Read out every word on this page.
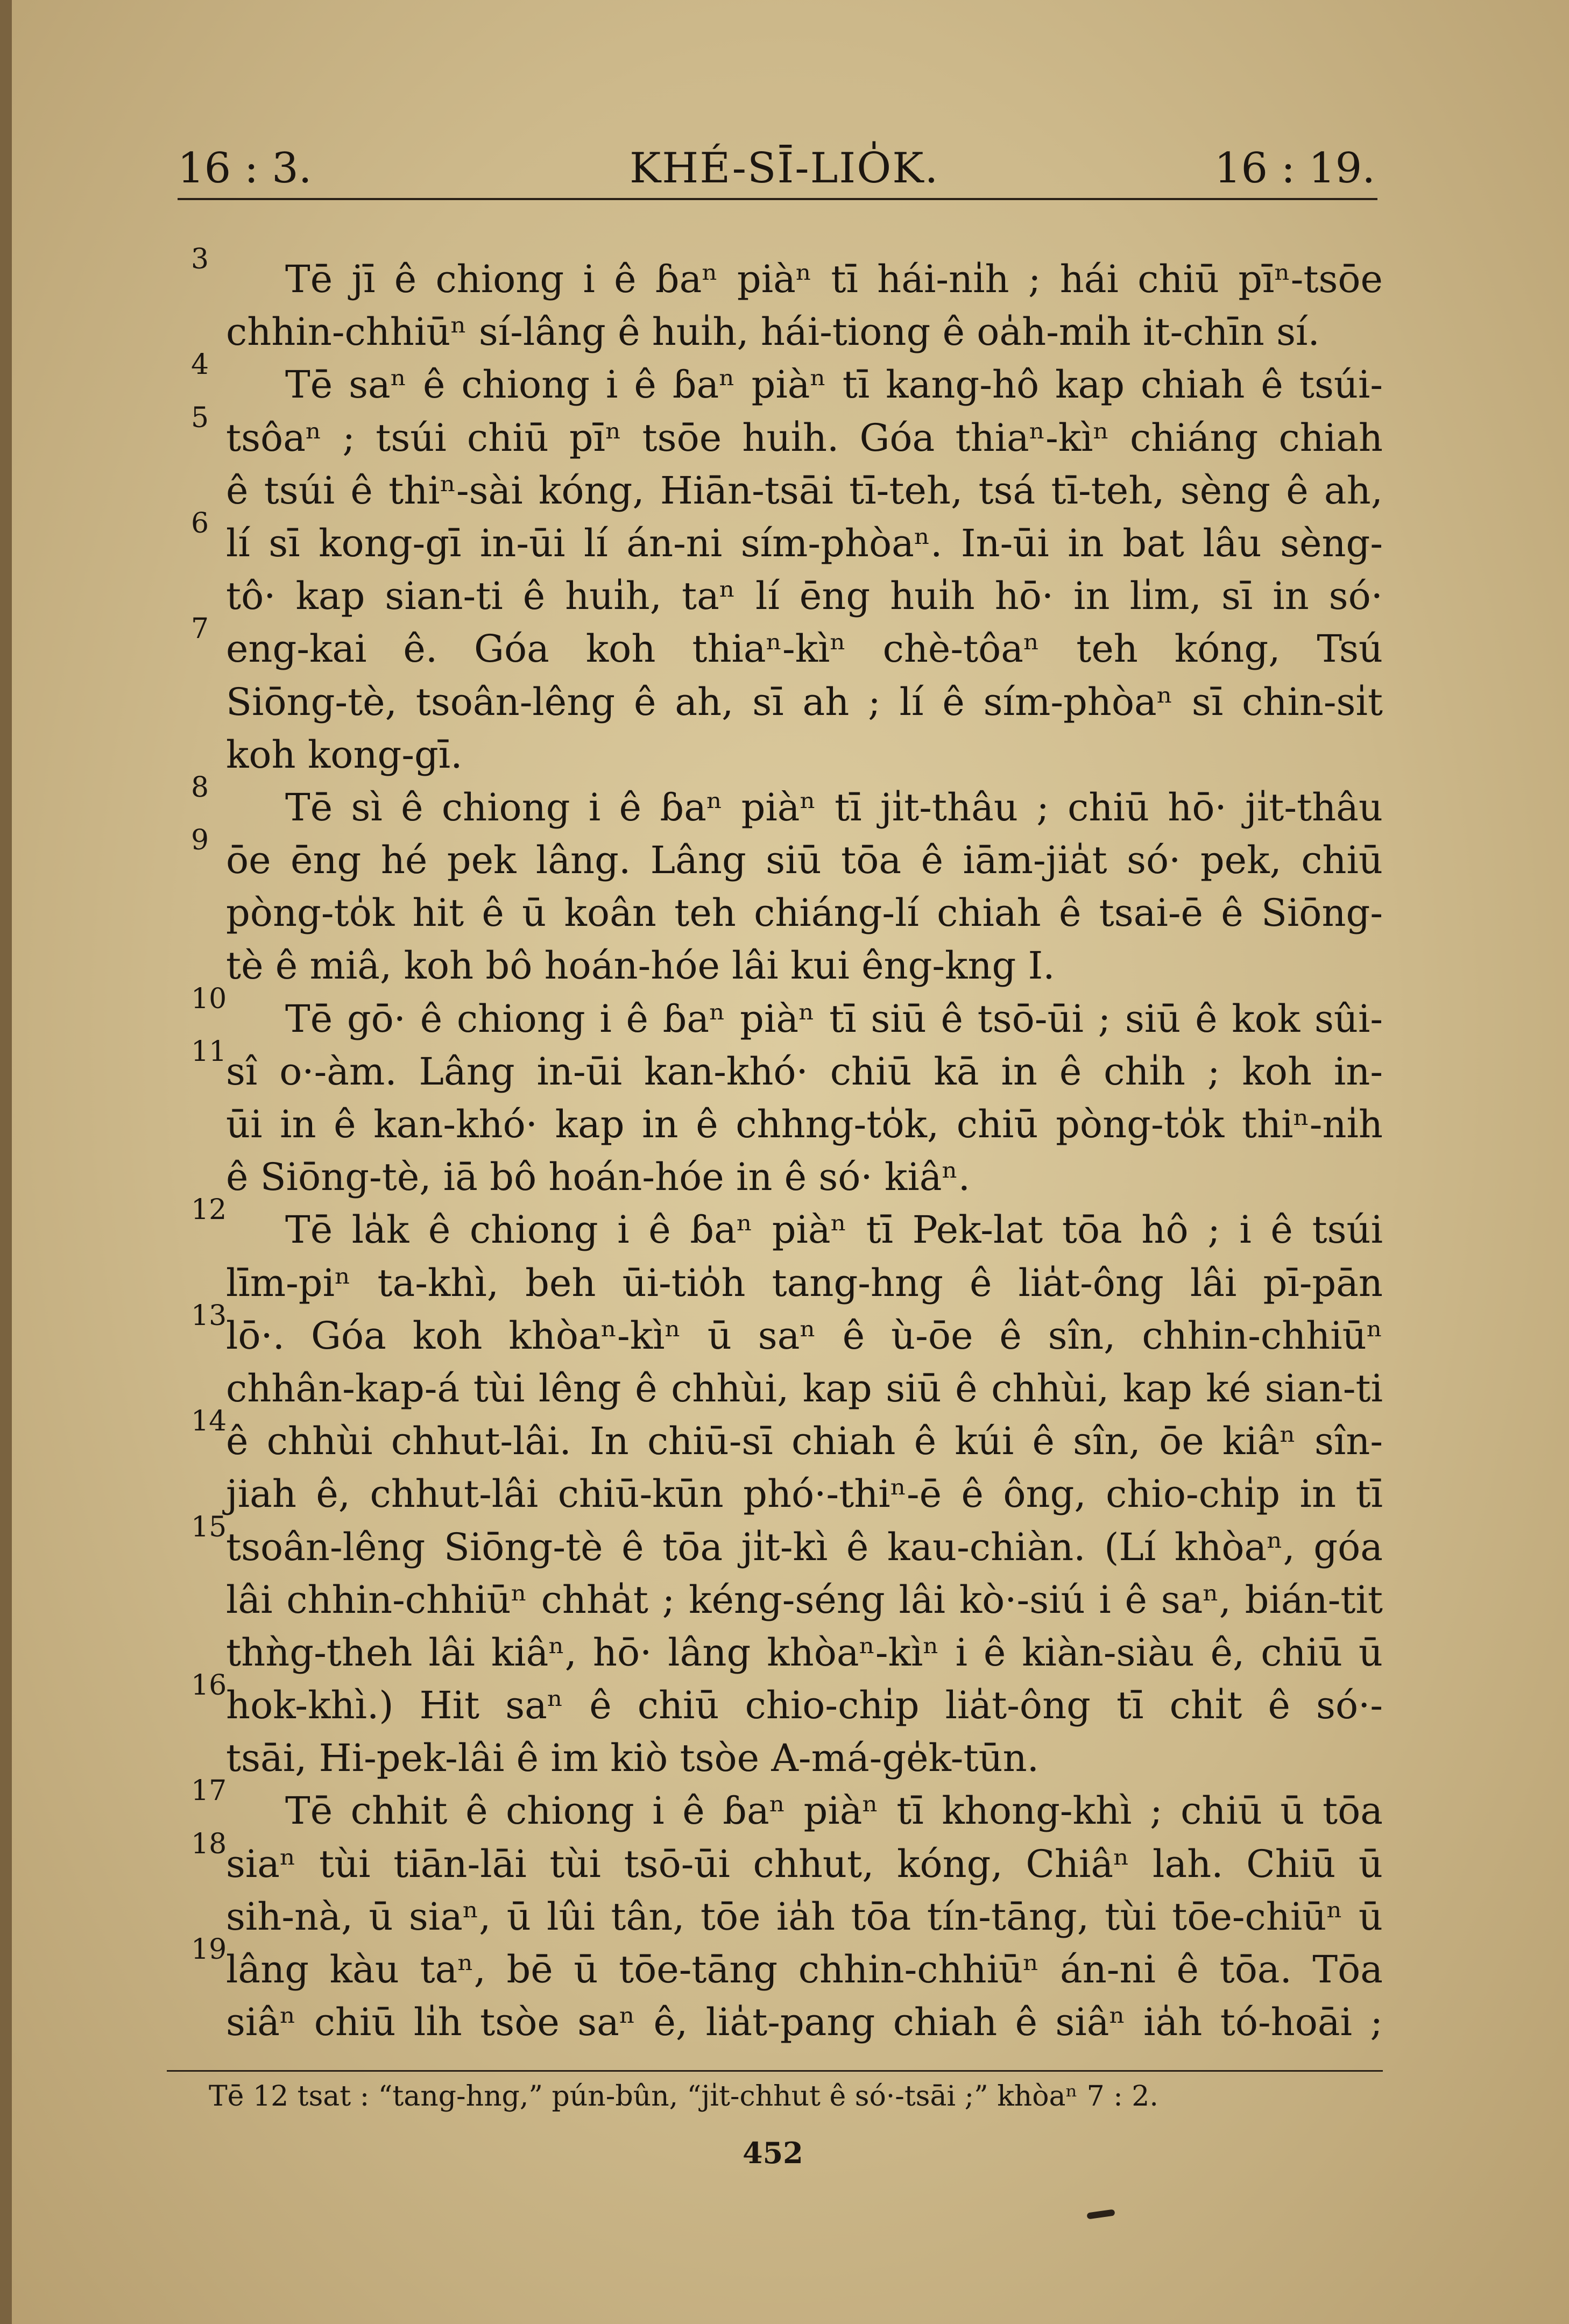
16 : 3.	KHÉ-SĪ-LIO̍K.	16 : 19.
3	Tē jī ê chiong i ê ɓaⁿ piàⁿ tī hái-ni̍h ; hái chiū pīⁿ-tsōe
chhin-chhiūⁿ sí-lâng ê hui̍h, hái-tiong ê oa̍h-mi̍h it-chīn sí.
4	Tē saⁿ ê chiong i ê ɓaⁿ piàⁿ tī kang-hô kap chiah ê tsúi-
5 tsôaⁿ ; tsúi chiū pīⁿ tsōe hui̍h. Góa thiaⁿ-kìⁿ chiáng chiah
ê tsúi ê thiⁿ-sài kóng, Hiān-tsāi tī-teh, tsá tī-teh, sèng ê ah,
6 lí sī kong-gī in-ūi lí án-ni sím-phòaⁿ. In-ūi in bat lâu sèng-
tô· kap sian-ti ê hui̍h, taⁿ lí ēng hui̍h hō· in li̍m, sī in só·
7 eng-kai ê. Góa koh thiaⁿ-kìⁿ chè-tôaⁿ teh kóng, Tsú
Siōng-tè, tsoân-lêng ê ah, sī ah ; lí ê sím-phòaⁿ sī chin-si̍t
koh kong-gī.
8	Tē sì ê chiong i ê ɓaⁿ piàⁿ tī ji̍t-thâu ; chiū hō· ji̍t-thâu
9 ōe ēng hé pek lâng. Lâng siū tōa ê iām-jia̍t só· pek, chiū
pòng-to̍k hit ê ū koân teh chiáng-lí chiah ê tsai-ē ê Siōng-
tè ê miâ, koh bô hoán-hóe lâi kui êng-kng I.
10	Tē gō· ê chiong i ê ɓaⁿ piàⁿ tī siū ê tsō-ūi ; siū ê kok sûi-
11
sî o·-àm. Lâng in-ūi kan-khó· chiū kā in ê chi̍h ; koh in-
ūi in ê kan-khó· kap in ê chhng-to̍k, chiū pòng-to̍k thiⁿ-ni̍h
ê Siōng-tè, iā bô hoán-hóe in ê só· kiâⁿ.
12	Tē la̍k ê chiong i ê ɓaⁿ piàⁿ tī Pek-lat tōa hô ; i ê tsúi
līm-piⁿ ta-khì, beh ūi-tio̍h tang-hng ê lia̍t-ông lâi pī-pān
13
lō·. Góa koh khòaⁿ-kìⁿ ū saⁿ ê ù-ōe ê sîn, chhin-chhiūⁿ
chhân-kap-á tùi lêng ê chhùi, kap siū ê chhùi, kap ké sian-ti
14
ê chhùi chhut-lâi. In chiū-sī chiah ê kúi ê sîn, ōe kiâⁿ sîn-
jiah ê, chhut-lâi chiū-kūn phó·-thiⁿ-ē ê ông, chio-chi̍p in tī
15
tsoân-lêng Siōng-tè ê tōa ji̍t-kì ê kau-chiàn. (Lí khòaⁿ, góa
lâi chhin-chhiūⁿ chha̍t ; kéng-séng lâi kò·-siú i ê saⁿ, bián-tit
thǹg-theh lâi kiâⁿ, hō· lâng khòaⁿ-kìⁿ i ê kiàn-siàu ê, chiū ū
16
hok-khì.) Hit saⁿ ê chiū chio-chi̍p lia̍t-ông tī chi̍t ê só·-
tsāi, Hi-pek-lâi ê im kiò tsòe A-má-ge̍k-tūn.
17	Tē chhit ê chiong i ê ɓaⁿ piàⁿ tī khong-khì ; chiū ū tōa
18
siaⁿ tùi tiān-lāi tùi tsō-ūi chhut, kóng, Chiâⁿ lah. Chiū ū
sih-nà, ū siaⁿ, ū lûi tân, tōe ia̍h tōa tín-tāng, tùi tōe-chiūⁿ ū
19
lâng kàu taⁿ, bē ū tōe-tāng chhin-chhiūⁿ án-ni ê tōa. Tōa
siâⁿ chiū li̍h tsòe saⁿ ê, lia̍t-pang chiah ê siâⁿ ia̍h tó-hoāi ;
Tē 12 tsat : “tang-hng,” pún-bûn, “ji̍t-chhut ê só·-tsāi ;” khòaⁿ 7 : 2.
452
